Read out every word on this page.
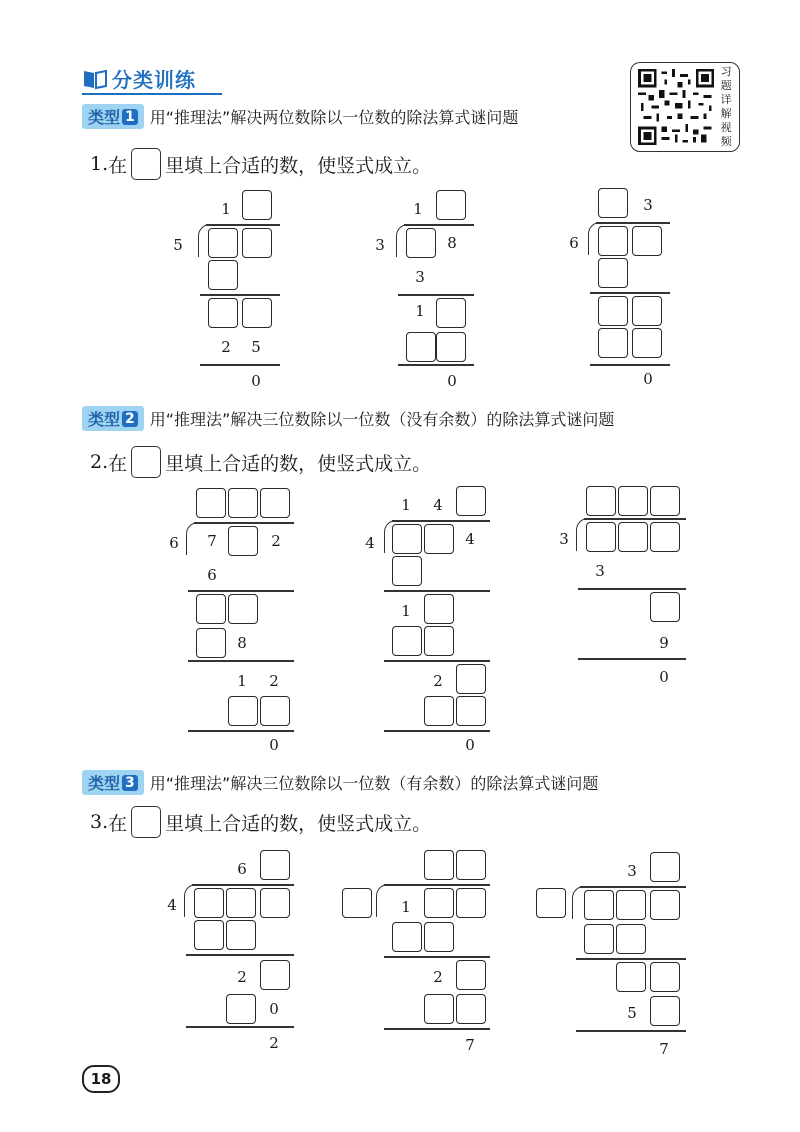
分类训练	习
题
详
解
视
频
类型 1 用“推理法”解决两位数除以一位数的除法算式谜问题
1. 在 里填上合适的数，使竖式成立。
1
5
2 5
0
1
3	8
3
1
0
3
6
0
类型 2 用“推理法”解决三位数除以一位数（没有余数）的除法算式谜问题
2. 在 里填上合适的数，使竖式成立。
6 7	2
6
8
1 2
0
1 4
4	4
1
2
0
3
3
9
0
类型 3 用“推理法”解决三位数除以一位数（有余数）的除法算式谜问题
3. 在 里填上合适的数，使竖式成立。
6
4
2
0
2
1
2
7
3
5
7
18
